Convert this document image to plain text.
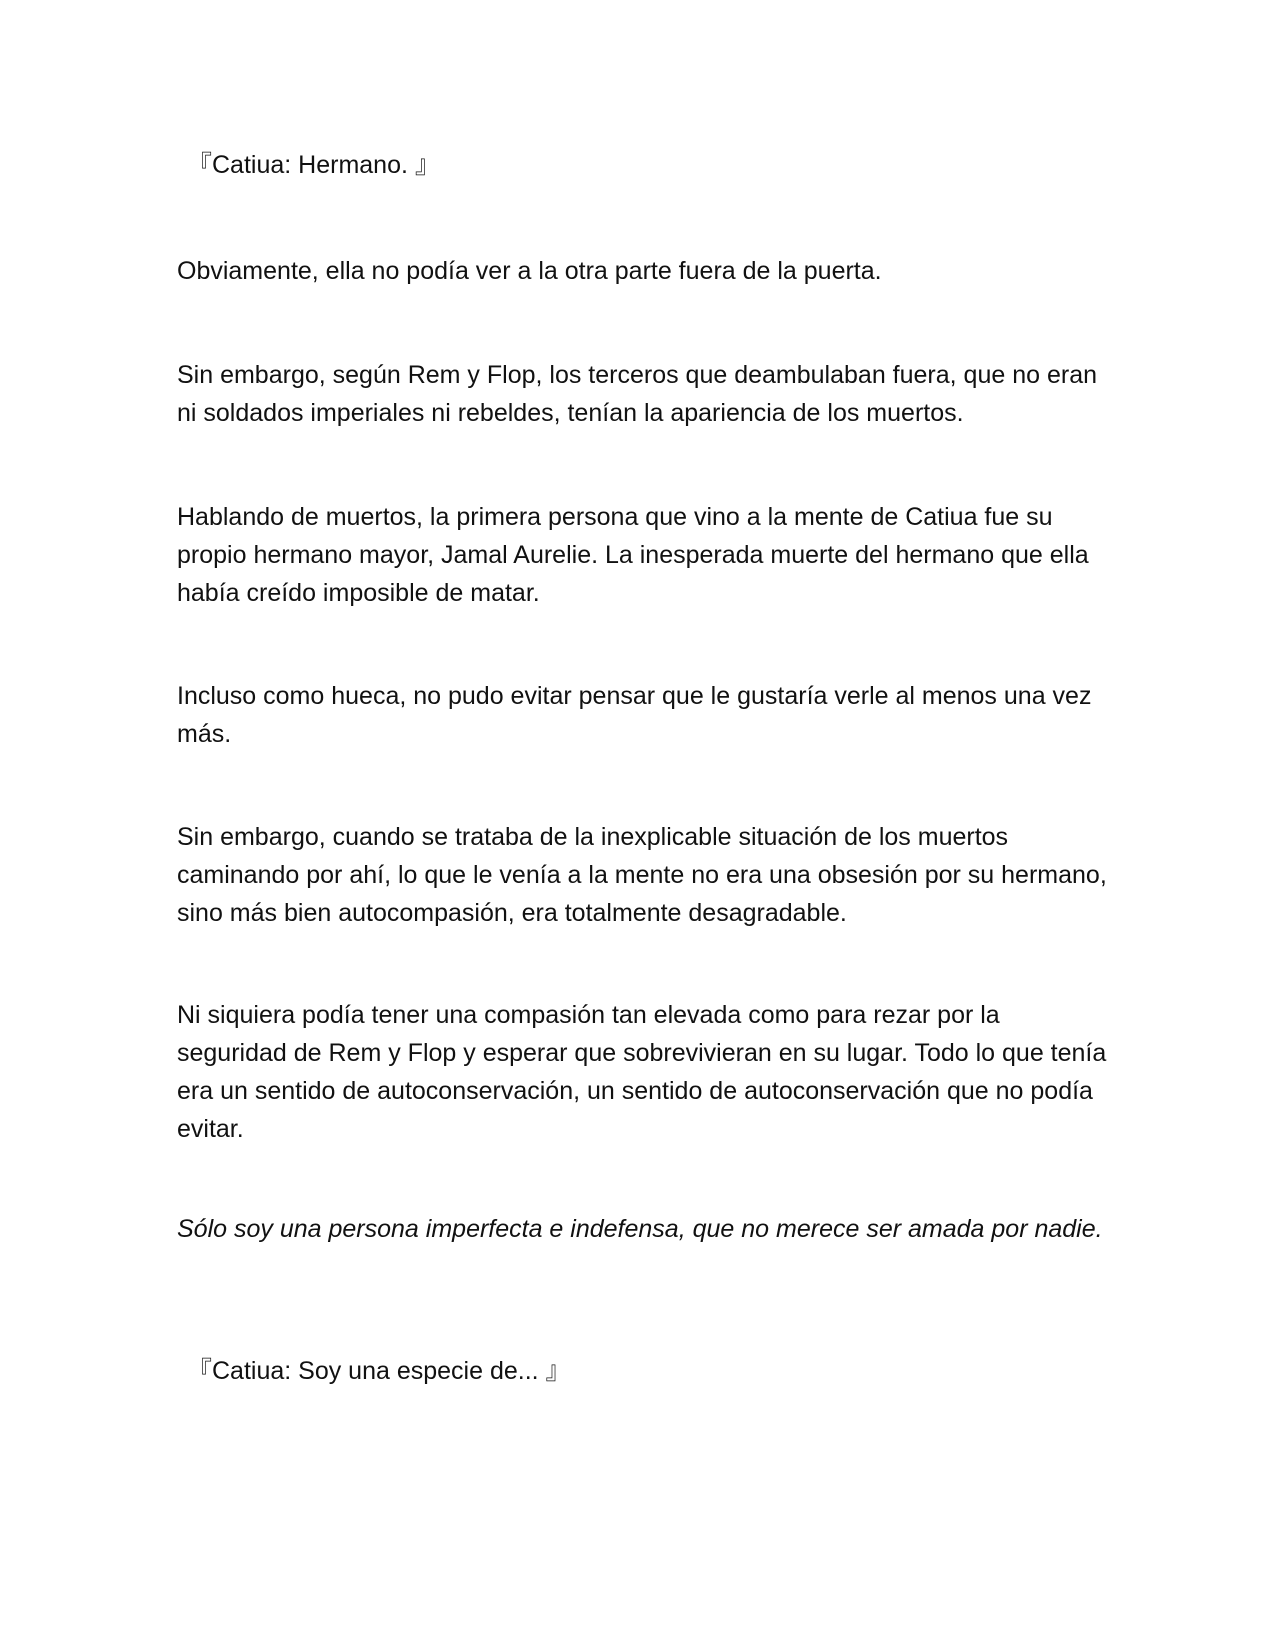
『Catiua: Hermano. 』

Obviamente, ella no podía ver a la otra parte fuera de la puerta.

Sin embargo, según Rem y Flop, los terceros que deambulaban fuera, que no eran ni soldados imperiales ni rebeldes, tenían la apariencia de los muertos.

Hablando de muertos, la primera persona que vino a la mente de Catiua fue su propio hermano mayor, Jamal Aurelie. La inesperada muerte del hermano que ella había creído imposible de matar.

Incluso como hueca, no pudo evitar pensar que le gustaría verle al menos una vez más.

Sin embargo, cuando se trataba de la inexplicable situación de los muertos caminando por ahí, lo que le venía a la mente no era una obsesión por su hermano, sino más bien autocompasión, era totalmente desagradable.

Ni siquiera podía tener una compasión tan elevada como para rezar por la seguridad de Rem y Flop y esperar que sobrevivieran en su lugar. Todo lo que tenía era un sentido de autoconservación, un sentido de autoconservación que no podía evitar.

Sólo soy una persona imperfecta e indefensa, que no merece ser amada por nadie.

『Catiua: Soy una especie de... 』
